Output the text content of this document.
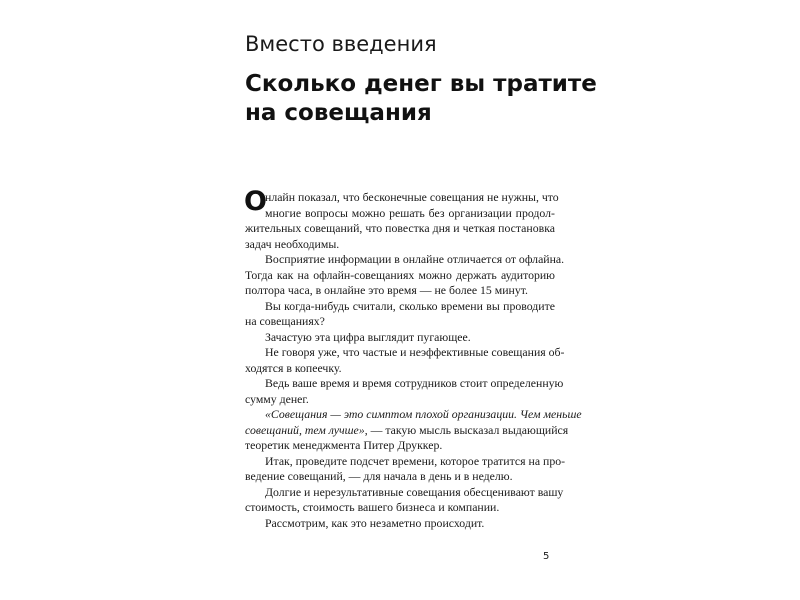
Вместо введения
Сколько денег вы тратите
на совещания
О
нлайн показал, что бесконечные совещания не нужны, что
многие вопросы можно решать без организации продол-
жительных совещаний, что повестка дня и четкая постановка
задач необходимы.
Восприятие информации в онлайне отличается от офлайна.
Тогда как на офлайн-совещаниях можно держать аудиторию
полтора часа, в онлайне это время — не более 15 минут.
Вы когда-нибудь считали, сколько времени вы проводите
на совещаниях?
Зачастую эта цифра выглядит пугающее.
Не говоря уже, что частые и неэффективные совещания об-
ходятся в копеечку.
Ведь ваше время и время сотрудников стоит определенную
сумму денег.
«Совещания — это симптом плохой организации. Чем меньше
совещаний, тем лучше», — такую мысль высказал выдающийся
теоретик менеджмента Питер Друккер.
Итак, проведите подсчет времени, которое тратится на про-
ведение совещаний, — для начала в день и в неделю.
Долгие и нерезультативные совещания обесценивают вашу
стоимость, стоимость вашего бизнеса и компании.
Рассмотрим, как это незаметно происходит.
5
